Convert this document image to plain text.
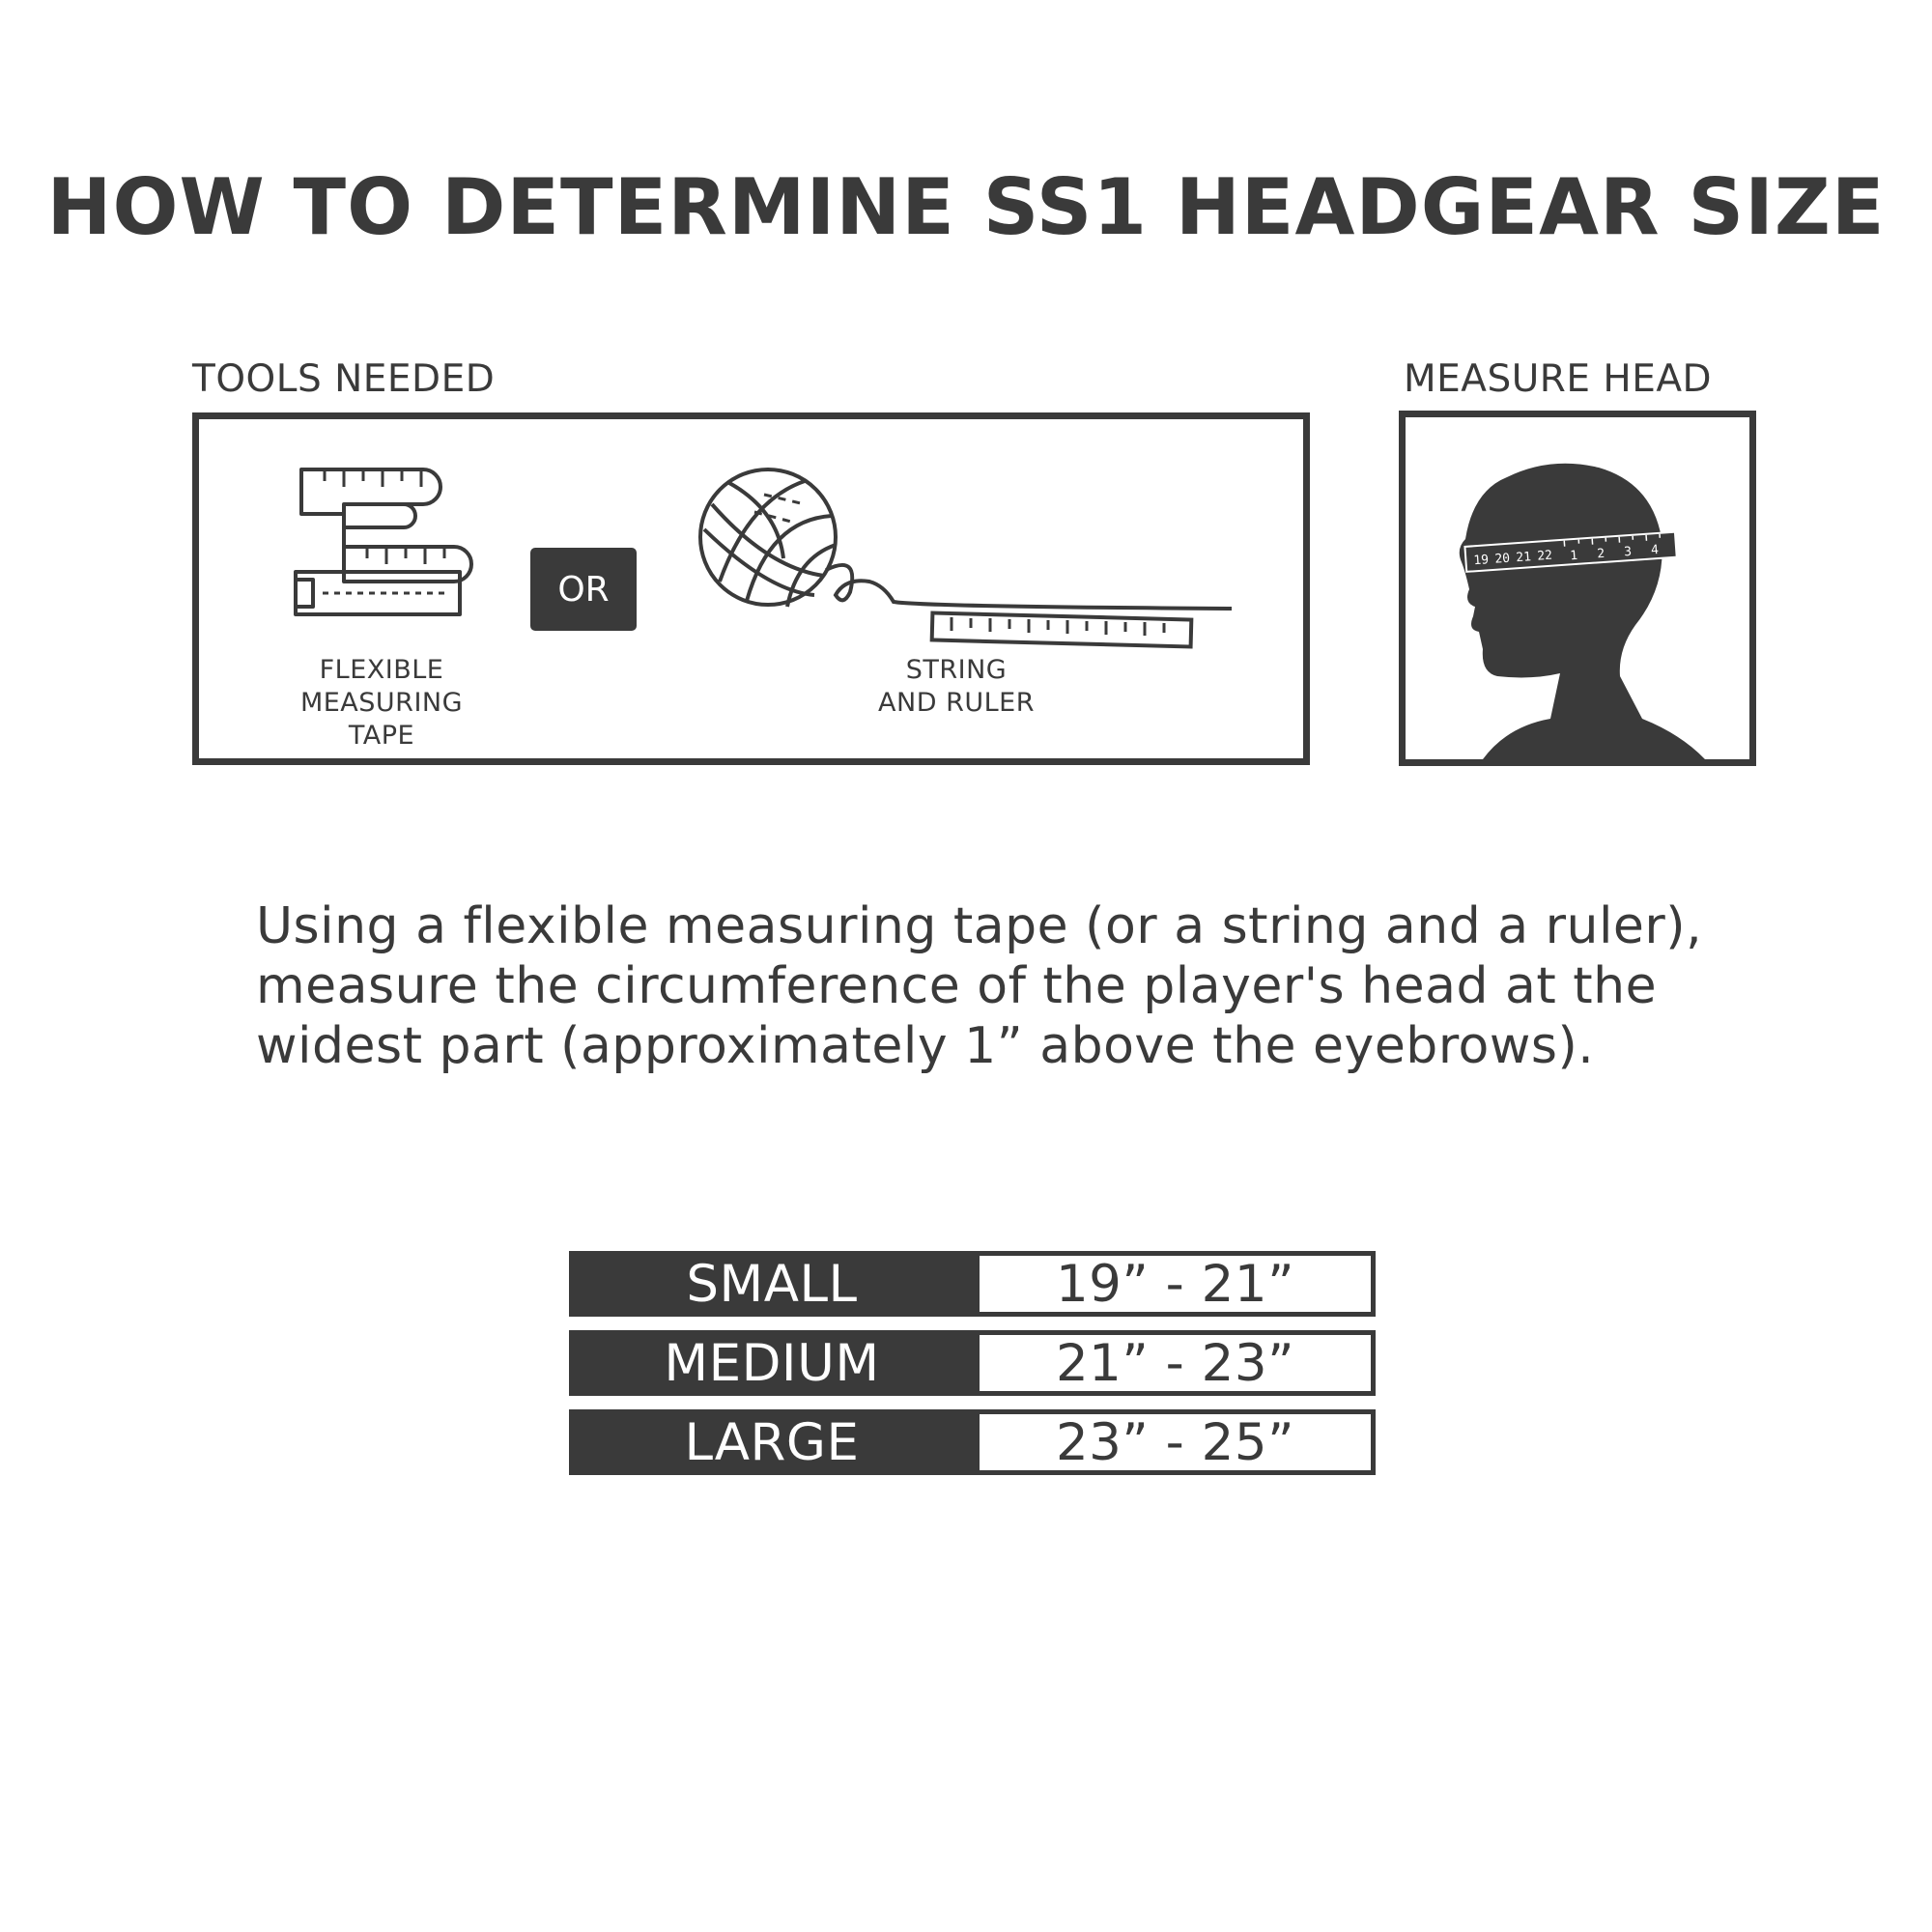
HOW TO DETERMINE SS1 HEADGEAR SIZE
TOOLS NEEDED	MEASURE HEAD
OR
FLEXIBLE
MEASURING
TAPE
STRING
AND RULER
19 20 21 22 1 2 3 4

Using a flexible measuring tape (or a string and a ruler), measure the circumference of the player's head at the widest part (approximately 1” above the eyebrows).

SMALL	19” - 21”
MEDIUM	21” - 23”
LARGE	23” - 25”
